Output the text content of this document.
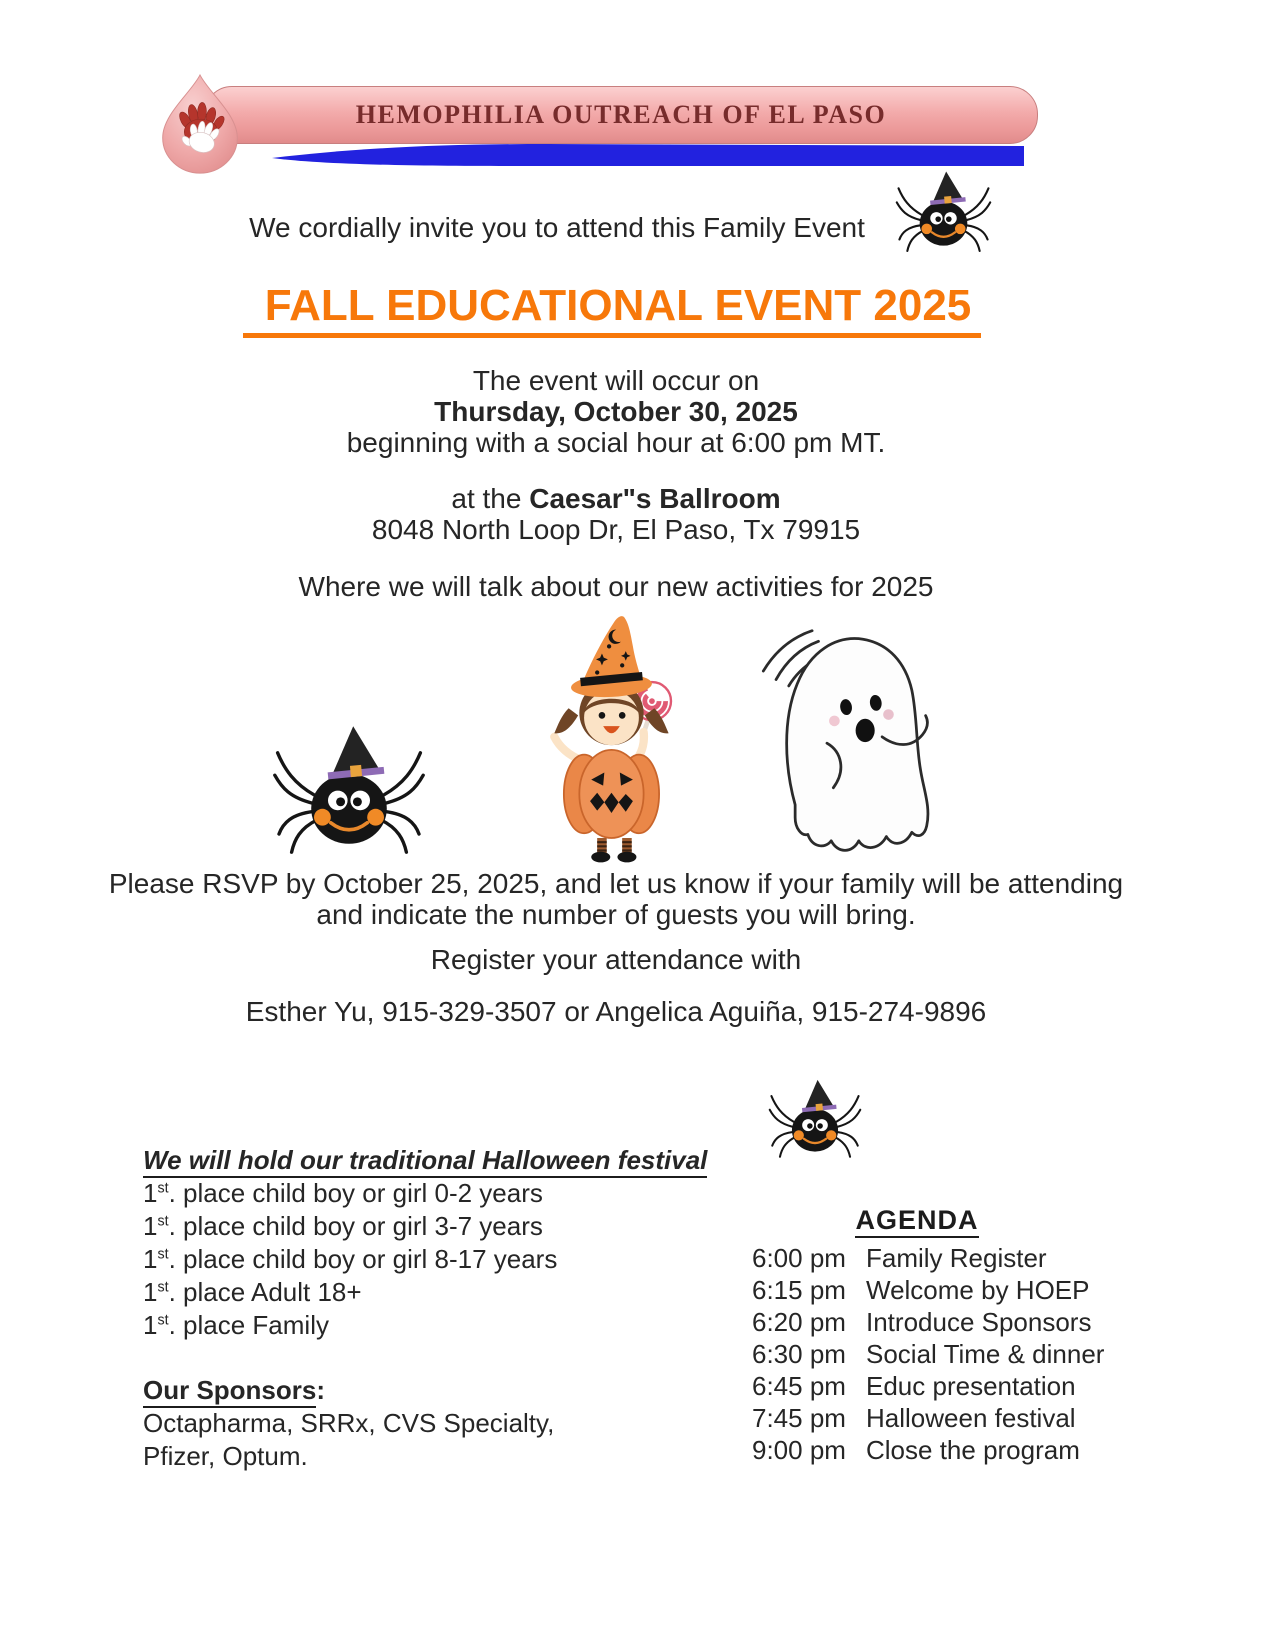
HEMOPHILIA OUTREACH OF EL PASO
We cordially invite you to attend this Family Event
FALL EDUCATIONAL EVENT 2025
The event will occur on
Thursday, October 30, 2025
beginning with a social hour at 6:00 pm MT.
at the Caesar"s Ballroom
8048 North Loop Dr, El Paso, Tx 79915
Where we will talk about our new activities for 2025
Please RSVP by October 25, 2025, and let us know if your family will be attending
and indicate the number of guests you will bring.
Register your attendance with
Esther Yu, 915-329-3507 or Angelica Aguiña, 915-274-9896
We will hold our traditional Halloween festival
1st. place child boy or girl 0-2 years
1st. place child boy or girl 3-7 years
1st. place child boy or girl 8-17 years
1st. place Adult 18+
1st. place Family
Our Sponsors:
Octapharma, SRRx, CVS Specialty,
Pfizer, Optum.
AGENDA
6:00 pm Family Register
6:15 pm Welcome by HOEP
6:20 pm Introduce Sponsors
6:30 pm Social Time & dinner
6:45 pm Educ presentation
7:45 pm Halloween festival
9:00 pm Close the program
